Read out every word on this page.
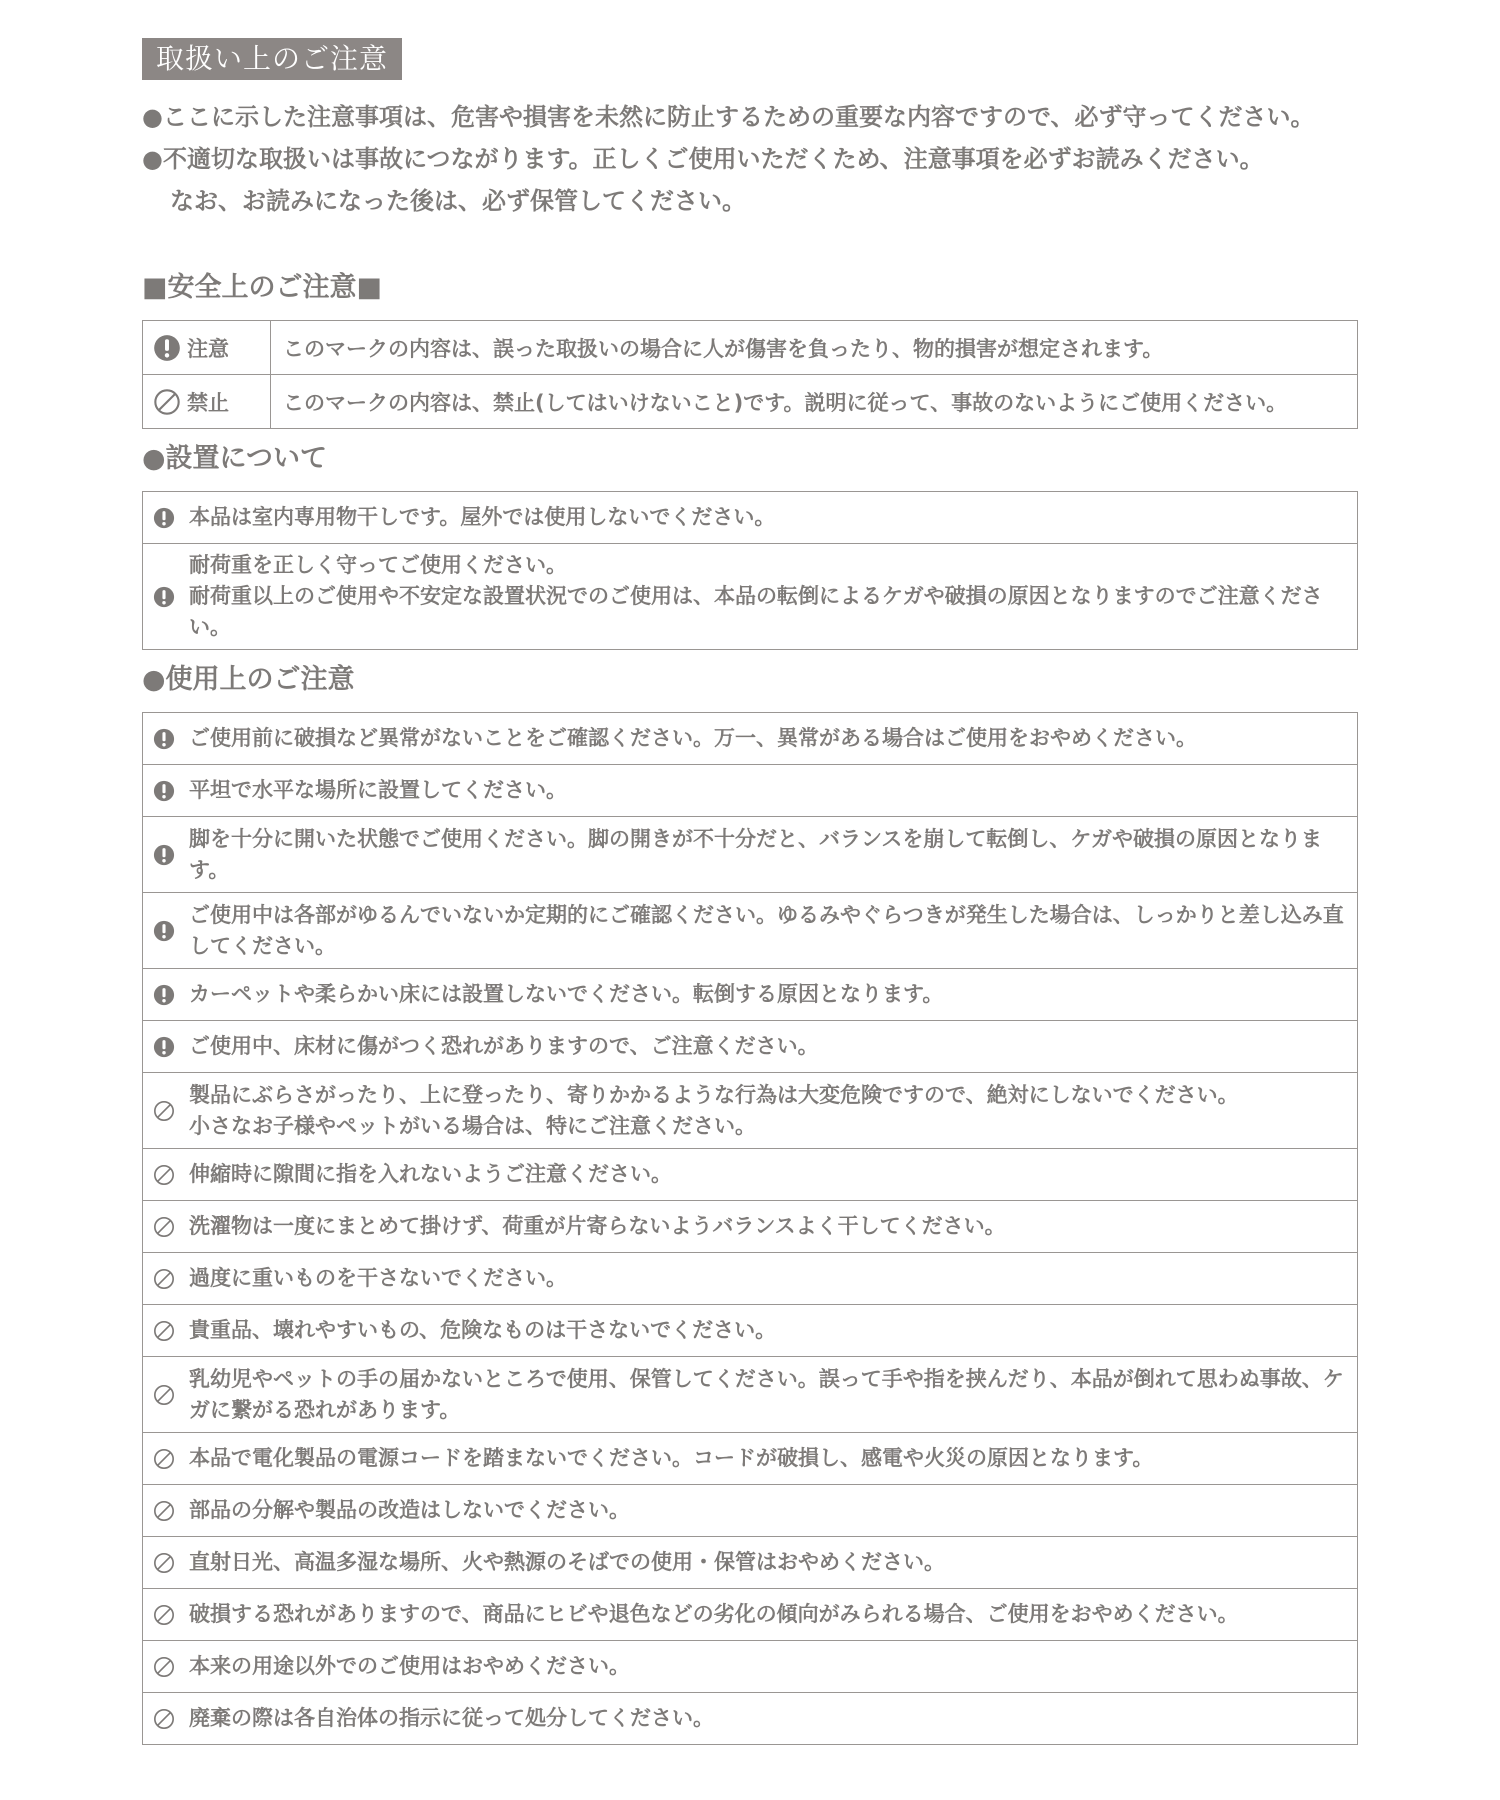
取扱い上のご注意
●ここに示した注意事項は、危害や損害を未然に防止するための重要な内容ですので、必ず守ってください。
●不適切な取扱いは事故につながります。正しくご使用いただくため、注意事項を必ずお読みください。
なお、お読みになった後は、必ず保管してください。
■安全上のご注意■
注意	このマークの内容は、誤った取扱いの場合に人が傷害を負ったり、物的損害が想定されます。

禁止	このマークの内容は、禁止(してはいけないこと)です。説明に従って、事故のないようにご使用ください。
●設置について
本品は室内専用物干しです。屋外では使用しないでください。

耐荷重を正しく守ってご使用ください。
耐荷重以上のご使用や不安定な設置状況でのご使用は、本品の転倒によるケガや破損の原因となりますのでご注意ください。
●使用上のご注意
ご使用前に破損など異常がないことをご確認ください。万一、異常がある場合はご使用をおやめください。

平坦で水平な場所に設置してください。

脚を十分に開いた状態でご使用ください。脚の開きが不十分だと、バランスを崩して転倒し、ケガや破損の原因となります。

ご使用中は各部がゆるんでいないか定期的にご確認ください。ゆるみやぐらつきが発生した場合は、しっかりと差し込み直してください。

カーペットや柔らかい床には設置しないでください。転倒する原因となります。

ご使用中、床材に傷がつく恐れがありますので、ご注意ください。

製品にぶらさがったり、上に登ったり、寄りかかるような行為は大変危険ですので、絶対にしないでください。
小さなお子様やペットがいる場合は、特にご注意ください。

伸縮時に隙間に指を入れないようご注意ください。

洗濯物は一度にまとめて掛けず、荷重が片寄らないようバランスよく干してください。

過度に重いものを干さないでください。

貴重品、壊れやすいもの、危険なものは干さないでください。

乳幼児やペットの手の届かないところで使用、保管してください。誤って手や指を挟んだり、本品が倒れて思わぬ事故、ケガに繋がる恐れがあります。

本品で電化製品の電源コードを踏まないでください。コードが破損し、感電や火災の原因となります。

部品の分解や製品の改造はしないでください。

直射日光、高温多湿な場所、火や熱源のそばでの使用・保管はおやめください。

破損する恐れがありますので、商品にヒビや退色などの劣化の傾向がみられる場合、ご使用をおやめください。

本来の用途以外でのご使用はおやめください。

廃棄の際は各自治体の指示に従って処分してください。
